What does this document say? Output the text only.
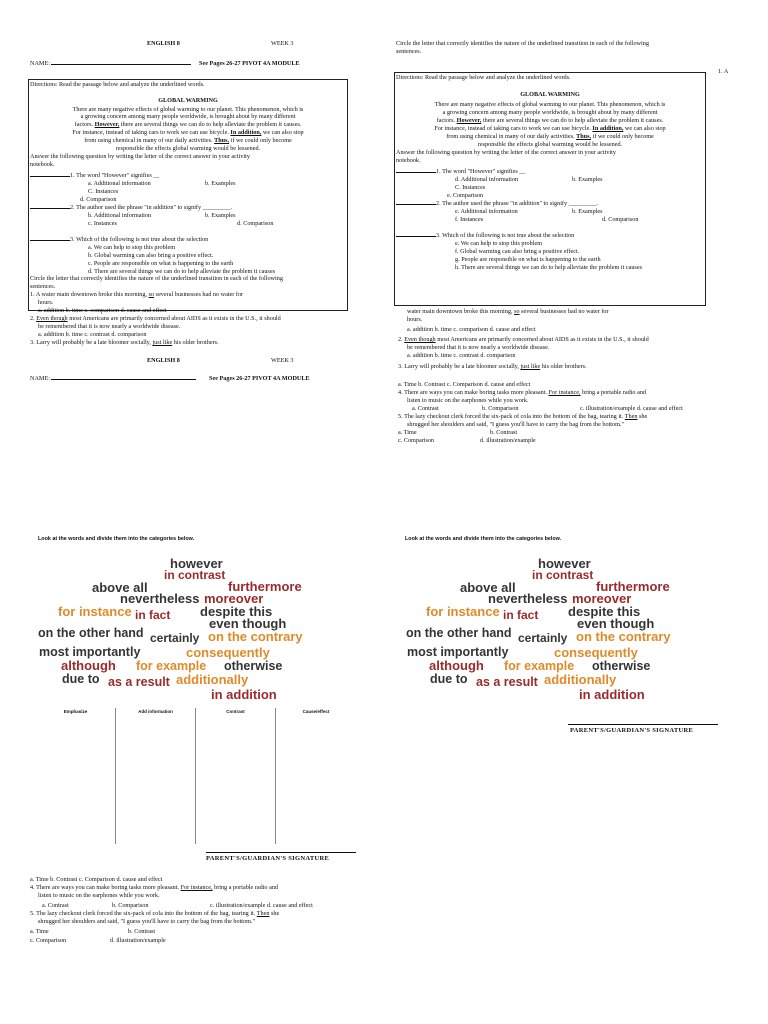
ENGLISH 8	WEEK 3
NAME:	See Pages 26-27 PIVOT 4A MODULE
Directions: Read the passage below and analyze the underlined words.
GLOBAL WARMING
There are many negative effects of global warming to our planet. This phenomenon, which is
a growing concern among many people worldwide, is brought about by many different
factors. However, there are several things we can do to help alleviate the problem it causes.
For instance, instead of taking cars to work we can use bicycle. In addition, we can also stop
from using chemical in many of our daily activities. Thus, if we could only become
responsible the effects global warming would be lessened.
Answer the following question by writing the letter of the correct answer in your activity
notebook.
1. The word "However" signifies __
a. Additional information	b. Examples
C. Instances
d. Comparison
2. The author used the phrase "in addition" to signify _________.
b. Additional information	b. Examples
c. Instances	d. Comparison
3. Which of the following is not true about the selection
a. We can help to stop this problem
b. Global warming can also bring a positive effect.
c. People are responsible on what is happening to the earth
d. There are several things we can do to help alleviate the problem it causes
Circle the letter that correctly identifies the nature of the underlined transition in each of the following
sentences.
1. A water main downtown broke this morning, so several businesses had no water for
hours.
a. addition b. time c. comparison d. cause and effect
2. Even though most Americans are primarily concerned about AIDS as it exists in the U.S., it should
be remembered that it is now nearly a worldwide disease.
a. addition b. time c. contrast d. comparison
3. Larry will probably be a late bloomer socially, just like his older brothers.
ENGLISH 8	WEEK 3
NAME:	See Pages 26-27 PIVOT 4A MODULE
Circle the letter that correctly identifies the nature of the underlined transition in each of the following
sentences.
1. A
Directions: Read the passage below and analyze the underlined words.
GLOBAL WARMING
There are many negative effects of global warming to our planet. This phenomenon, which is
a growing concern among many people worldwide, is brought about by many different
factors. However, there are several things we can do to help alleviate the problem it causes.
For instance, instead of taking cars to work we can use bicycle. In addition, we can also stop
from using chemical in many of our daily activities. Thus, if we could only become
responsible the effects global warming would be lessened.
Answer the following question by writing the letter of the correct answer in your activity
notebook.
1. The word "However" signifies __
d. Additional information	b. Examples
C. Instances
e. Comparison
2. The author used the phrase "in addition" to signify _________.
e. Additional information	b. Examples
f. Instances	d. Comparison
3. Which of the following is not true about the selection
e. We can help to stop this problem
f. Global warming can also bring a positive effect.
g. People are responsible on what is happening to the earth
h. There are several things we can do to help alleviate the problem it causes
water main downtown broke this morning, so several businesses had no water for
hours.
a. addition b. time c. comparison d. cause and effect
2. Even though most Americans are primarily concerned about AIDS as it exists in the U.S., it should
be remembered that it is now nearly a worldwide disease.
a. addition b. time c. contrast d. comparison
3. Larry will probably be a late bloomer socially, just like his older brothers.
a. Time b. Contrast c. Comparison d. cause and effect
4. There are ways you can make boring tasks more pleasant. For instance, bring a portable radio and
listen to music on the earphones while you work.
a. Contrast	b. Comparison	c. illustration/example d. cause and effect
5. The lazy checkout clerk forced the six-pack of cola into the bottom of the bag, tearing it. Then she
shrugged her shoulders and said, "I guess you'll have to carry the bag from the bottom."
a. Time	b. Contrast
c. Comparison	d. illustration/example
Look at the words and divide them into the categories below.
however
in contrast
above all	furthermore
nevertheless moreover
for instance in fact despite this
even though
on the other hand certainly on the contrary
most importantly	consequently
although for example otherwise
due to as a result additionally
in addition
Emphasize	Add information	Contrast	Cause/effect
PARENT'S/GUARDIAN'S SIGNATURE
a. Time b. Contrast c. Comparison d. cause and effect
4. There are ways you can make boring tasks more pleasant. For instance, bring a portable radio and
listen to music on the earphones while you work.
a. Contrast	b. Comparison	c. illustration/example d. cause and effect
5. The lazy checkout clerk forced the six-pack of cola into the bottom of the bag, tearing it. Then she
shrugged her shoulders and said, "I guess you'll have to carry the bag from the bottom."
a. Time	b. Contrast
c. Comparison	d. illustration/example
Look at the words and divide them into the categories below.
however
in contrast
above all	furthermore
nevertheless moreover
for instance in fact despite this
even though
on the other hand certainly on the contrary
most importantly	consequently
although for example otherwise
due to as a result additionally
in addition
PARENT'S/GUARDIAN'S SIGNATURE
